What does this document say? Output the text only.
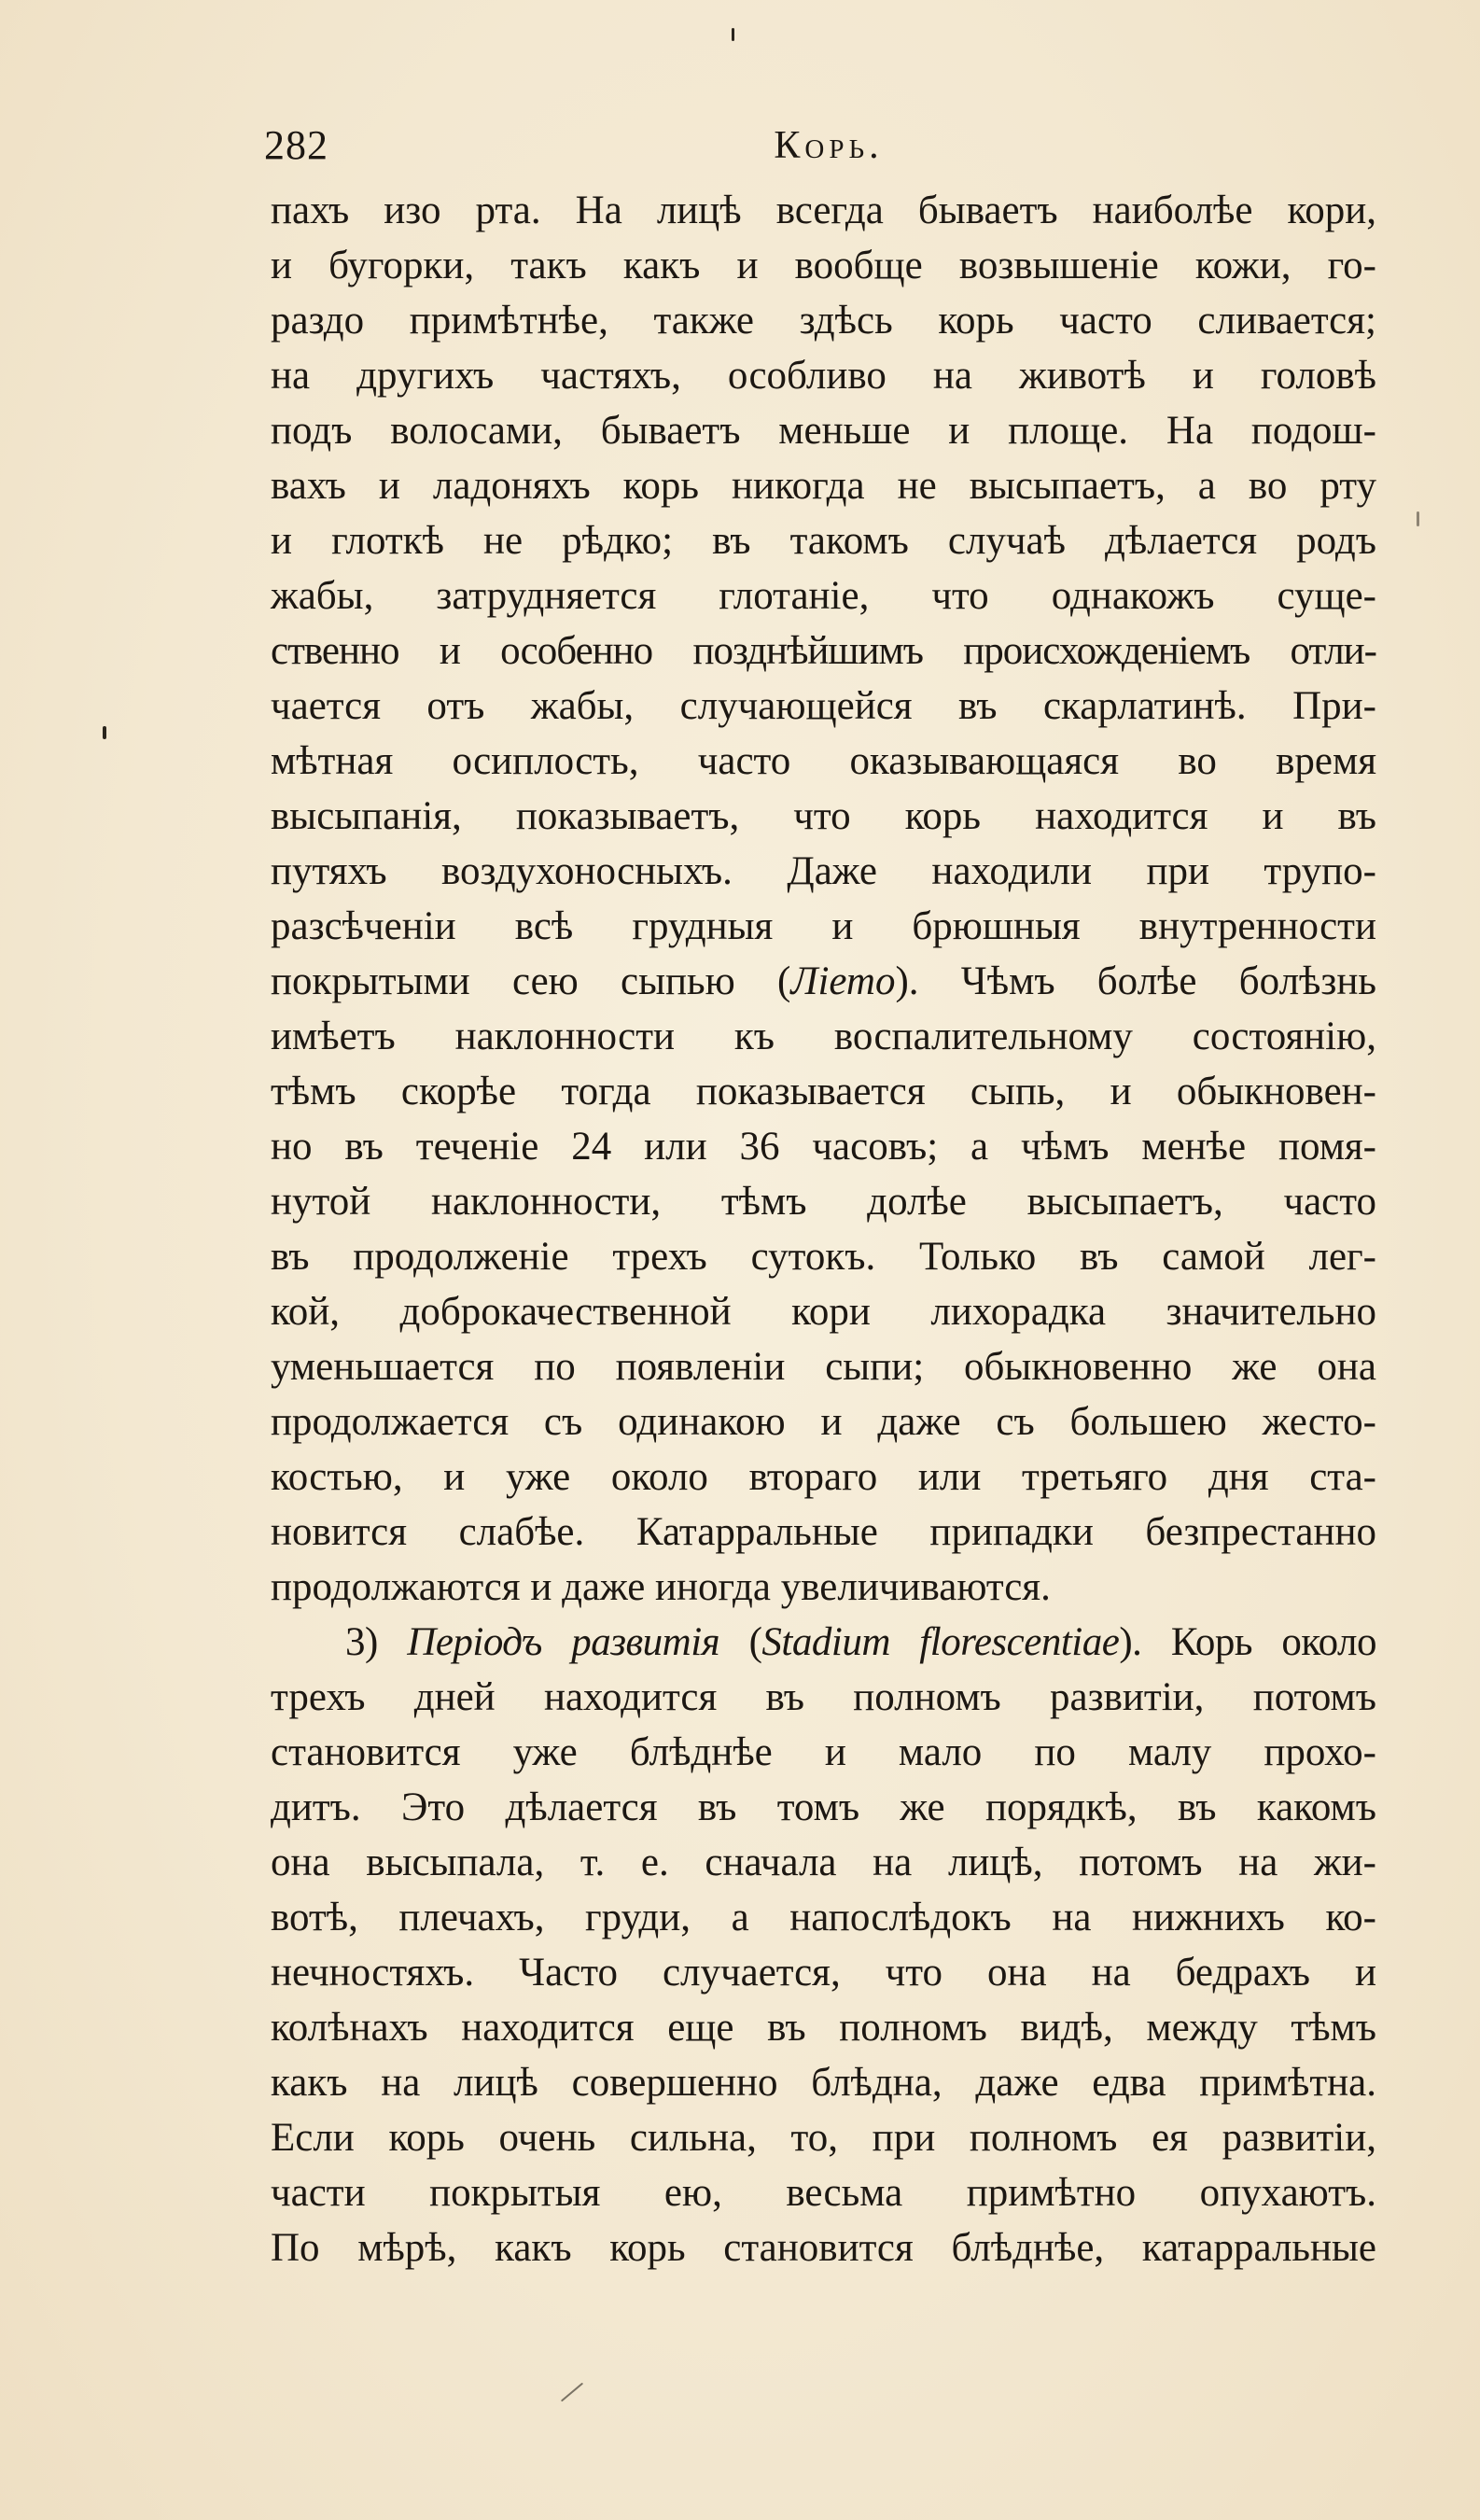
282	Корь.
пахъ изо рта. На лицѣ всегда бываетъ наиболѣе кори,
и бугорки, такъ какъ и вообще возвышеніе кожи, го-
раздо примѣтнѣе, также здѣсь корь часто сливается;
на другихъ частяхъ, особливо на животѣ и головѣ
подъ волосами, бываетъ меньше и площе. На подош-
вахъ и ладоняхъ корь никогда не высыпаетъ, а во рту
и глоткѣ не рѣдко; въ такомъ случаѣ дѣлается родъ
жабы, затрудняется глотаніе, что однакожъ суще-
ственно и особенно позднѣйшимъ происхожденіемъ отли-
чается отъ жабы, случающейся въ скарлатинѣ. При-
мѣтная осиплость, часто оказывающаяся во время
высыпанія, показываетъ, что корь находится и въ
путяхъ воздухоносныхъ. Даже находили при трупо-
разсѣченіи всѣ грудныя и брюшныя внутренности
покрытыми сею сыпью (Лiето). Чѣмъ болѣе болѣзнь
имѣетъ наклонности къ воспалительному состоянію,
тѣмъ скорѣе тогда показывается сыпь, и обыкновен-
но въ теченіе 24 или 36 часовъ; а чѣмъ менѣе помя-
нутой наклонности, тѣмъ долѣе высыпаетъ, часто
въ продолженіе трехъ сутокъ. Только въ самой лег-
кой, доброкачественной кори лихорадка значительно
уменьшается по появленіи сыпи; обыкновенно же она
продолжается съ одинакою и даже съ большею жесто-
костью, и уже около втораго или третьяго дня ста-
новится слабѣе. Катарральные припадки безпрестанно
продолжаются и даже иногда увеличиваются.
3) Періодъ развитія (Stadium florescentiae). Корь около
трехъ дней находится въ полномъ развитіи, потомъ
становится уже блѣднѣе и мало по малу прохо-
дитъ. Это дѣлается въ томъ же порядкѣ, въ какомъ
она высыпала, т. е. сначала на лицѣ, потомъ на жи-
вотѣ, плечахъ, груди, а напослѣдокъ на нижнихъ ко-
нечностяхъ. Часто случается, что она на бедрахъ и
колѣнахъ находится еще въ полномъ видѣ, между тѣмъ
какъ на лицѣ совершенно блѣдна, даже едва примѣтна.
Если корь очень сильна, то, при полномъ ея развитіи,
части покрытыя ею, весьма примѣтно опухаютъ.
По мѣрѣ, какъ корь становится блѣднѣе, катарральные
